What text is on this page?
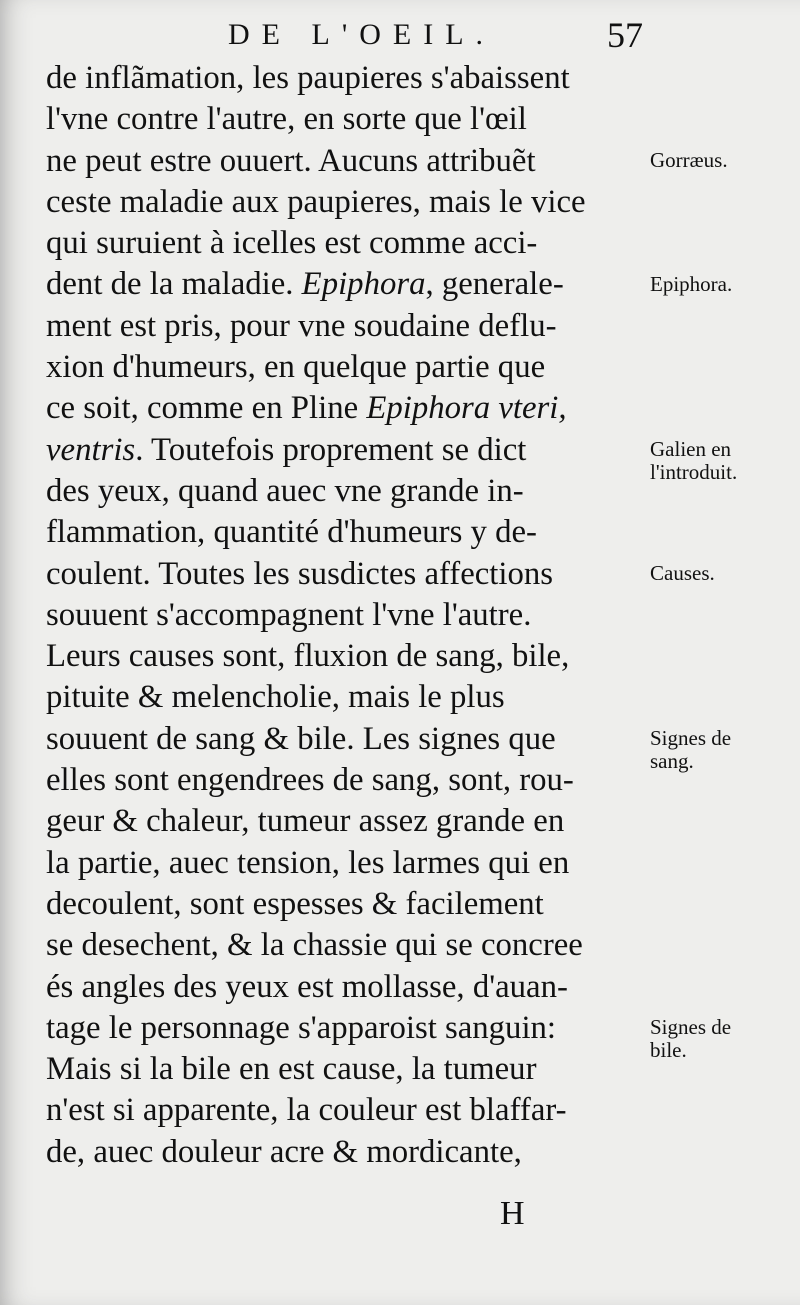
DE L'OEIL.	57
de inflãmation, les paupieres s'abaissent
l'vne contre l'autre, en sorte que l'œil
ne peut estre ouuert. Aucuns attribuẽt
ceste maladie aux paupieres, mais le vice
qui suruient à icelles est comme acci-
dent de la maladie. Epiphora, generale-
ment est pris, pour vne soudaine deflu-
xion d'humeurs, en quelque partie que
ce soit, comme en Pline Epiphora vteri,
ventris. Toutefois proprement se dict
des yeux, quand auec vne grande in-
flammation, quantité d'humeurs y de-
coulent. Toutes les susdictes affections
souuent s'accompagnent l'vne l'autre.
Leurs causes sont, fluxion de sang, bile,
pituite & melencholie, mais le plus
souuent de sang & bile. Les signes que
elles sont engendrees de sang, sont, rou-
geur & chaleur, tumeur assez grande en
la partie, auec tension, les larmes qui en
decoulent, sont espesses & facilement
se desechent, & la chassie qui se concree
és angles des yeux est mollasse, d'auan-
tage le personnage s'apparoist sanguin:
Mais si la bile en est cause, la tumeur
n'est si apparente, la couleur est blaffar-
de, auec douleur acre & mordicante,
Gorræus.
Epiphora.
Galien en
l'introduit.
Causes.
Signes de
sang.
Signes de
bile.
H
